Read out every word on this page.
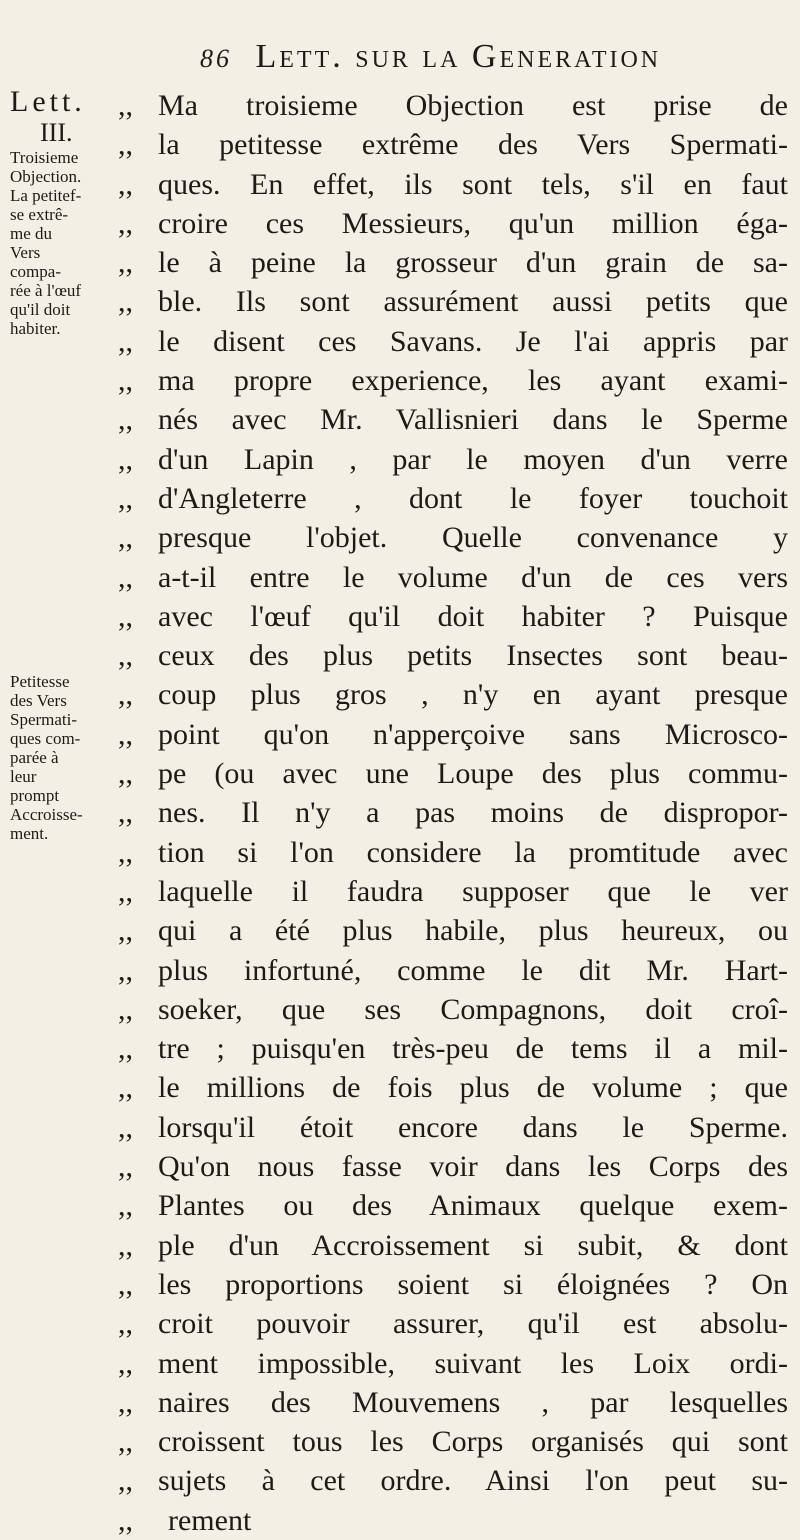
86 Lett. sur la Generation
Lett.
III.
Troisieme
Objection.
La petitef-
se extrê-
me du
Vers
compa-
rée à l'œuf
qu'il doit
habiter.
Petitesse
des Vers
Spermati-
ques com-
parée à
leur
prompt
Accroisse-
ment.
,, Ma troisieme Objection est prise de
,, la petitesse extrême des Vers Spermati-
,, ques. En effet, ils sont tels, s'il en faut
,, croire ces Messieurs, qu'un million éga-
,, le à peine la grosseur d'un grain de sa-
,, ble. Ils sont assurément aussi petits que
,, le disent ces Savans. Je l'ai appris par
,, ma propre experience, les ayant exami-
,, nés avec Mr. Vallisnieri dans le Sperme
,, d'un Lapin , par le moyen d'un verre
,, d'Angleterre , dont le foyer touchoit
,, presque l'objet. Quelle convenance y
,, a-t-il entre le volume d'un de ces vers
,, avec l'œuf qu'il doit habiter ? Puisque
,, ceux des plus petits Insectes sont beau-
,, coup plus gros , n'y en ayant presque
,, point qu'on n'apperçoive sans Microsco-
,, pe (ou avec une Loupe des plus commu-
,, nes. Il n'y a pas moins de dispropor-
,, tion si l'on considere la promtitude avec
,, laquelle il faudra supposer que le ver
,, qui a été plus habile, plus heureux, ou
,, plus infortuné, comme le dit Mr. Hart-
,, soeker, que ses Compagnons, doit croî-
,, tre ; puisqu'en très-peu de tems il a mil-
,, le millions de fois plus de volume ; que
,, lorsqu'il étoit encore dans le Sperme.
,, Qu'on nous fasse voir dans les Corps des
,, Plantes ou des Animaux quelque exem-
,, ple d'un Accroissement si subit, & dont
,, les proportions soient si éloignées ? On
,, croit pouvoir assurer, qu'il est absolu-
,, ment impossible, suivant les Loix ordi-
,, naires des Mouvemens , par lesquelles
,, croissent tous les Corps organisés qui sont
,, sujets à cet ordre. Ainsi l'on peut su-
,,	rement
